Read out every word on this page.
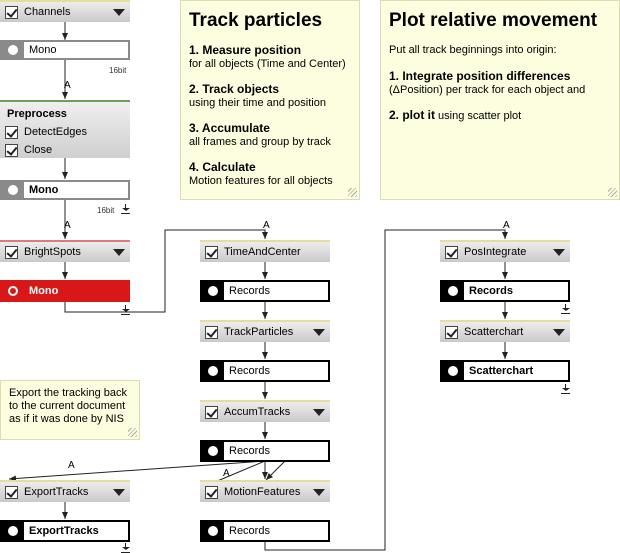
Channels
Mono
16bit
A
Preprocess
DetectEdges
Close
Mono
16bit
A
BrightSpots
Mono
Track particles
1. Measure position
for all objects (Time and Center)
2. Track objects
using their time and position
3. Accumulate
all frames and group by track
4. Calculate
Motion features for all objects
Plot relative movement
Put all track beginnings into origin:
1. Integrate position differences
(ΔPosition) per track for each object and
2. plot it using scatter plot
Export the tracking back to the current document as if it was done by NIS
A
TimeAndCenter
Records
TrackParticles
Records
AccumTracks
Records
A
A
MotionFeatures
Records
ExportTracks
ExportTracks
A
PosIntegrate
Records
Scatterchart
Scatterchart
